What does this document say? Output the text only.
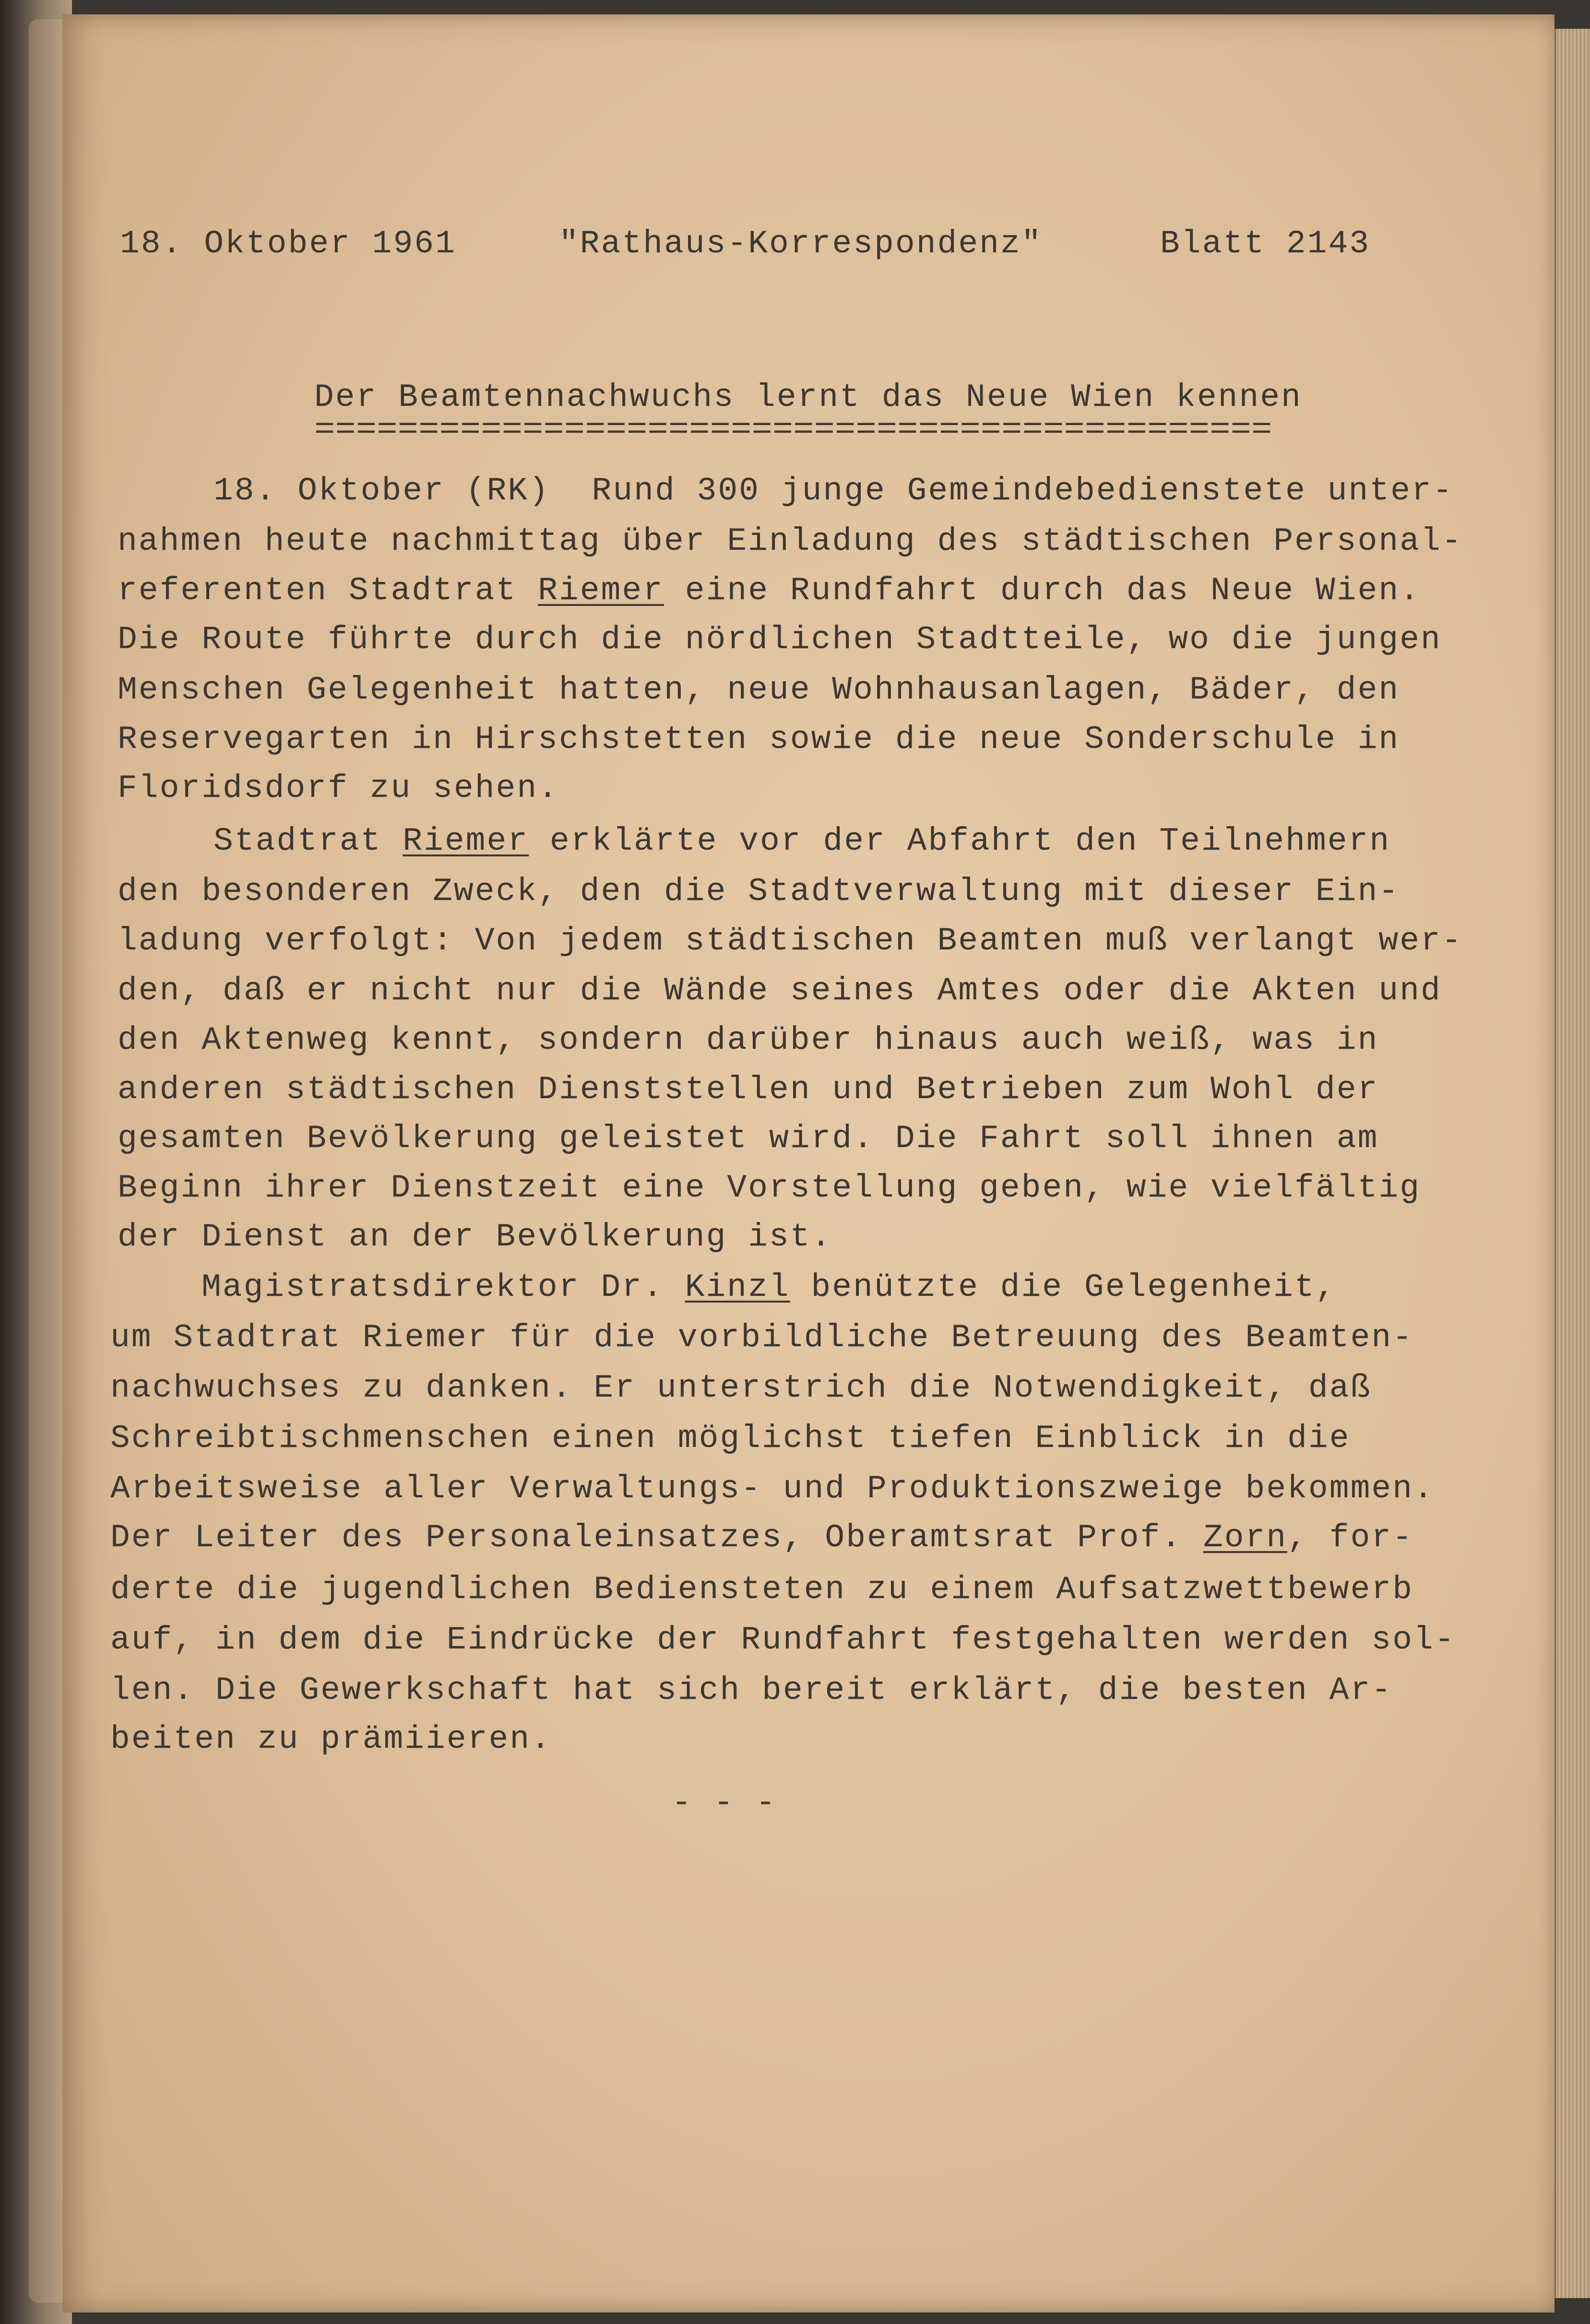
18. Oktober 1961	"Rathaus-Korrespondenz"	Blatt 2143
Der Beamtennachwuchs lernt das Neue Wien kennen
==============================================
18. Oktober (RK)  Rund 300 junge Gemeindebedienstete unter-
nahmen heute nachmittag über Einladung des städtischen Personal-
referenten Stadtrat Riemer eine Rundfahrt durch das Neue Wien.
Die Route führte durch die nördlichen Stadtteile, wo die jungen
Menschen Gelegenheit hatten, neue Wohnhausanlagen, Bäder, den
Reservegarten in Hirschstetten sowie die neue Sonderschule in
Floridsdorf zu sehen.
Stadtrat Riemer erklärte vor der Abfahrt den Teilnehmern
den besonderen Zweck, den die Stadtverwaltung mit dieser Ein-
ladung verfolgt: Von jedem städtischen Beamten muß verlangt wer-
den, daß er nicht nur die Wände seines Amtes oder die Akten und
den Aktenweg kennt, sondern darüber hinaus auch weiß, was in
anderen städtischen Dienststellen und Betrieben zum Wohl der
gesamten Bevölkerung geleistet wird. Die Fahrt soll ihnen am
Beginn ihrer Dienstzeit eine Vorstellung geben, wie vielfältig
der Dienst an der Bevölkerung ist.
Magistratsdirektor Dr. Kinzl benützte die Gelegenheit,
um Stadtrat Riemer für die vorbildliche Betreuung des Beamten-
nachwuchses zu danken. Er unterstrich die Notwendigkeit, daß
Schreibtischmenschen einen möglichst tiefen Einblick in die
Arbeitsweise aller Verwaltungs- und Produktionszweige bekommen.
Der Leiter des Personaleinsatzes, Oberamtsrat Prof. Zorn, for-
derte die jugendlichen Bediensteten zu einem Aufsatzwettbewerb
auf, in dem die Eindrücke der Rundfahrt festgehalten werden sol-
len. Die Gewerkschaft hat sich bereit erklärt, die besten Ar-
beiten zu prämiieren.
- - -
